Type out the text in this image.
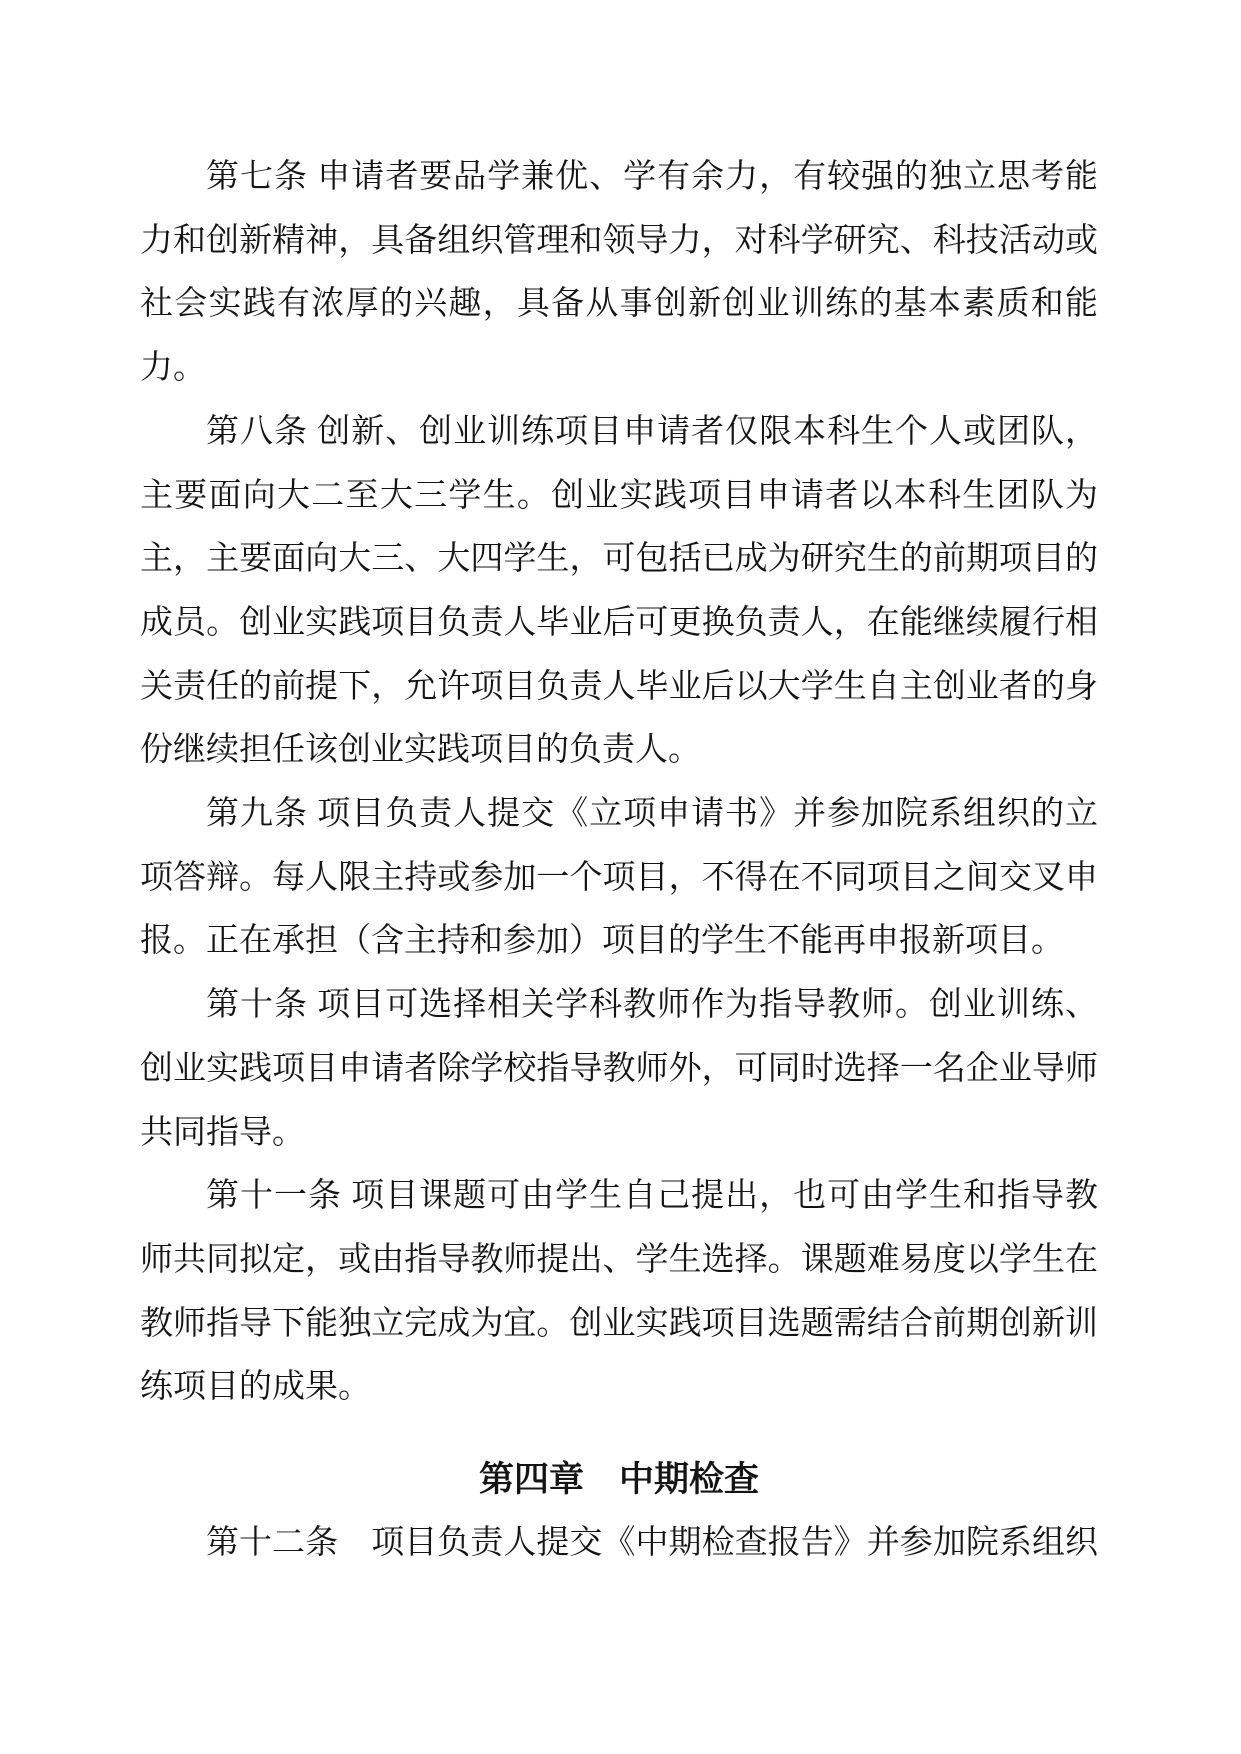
第七条 申请者要品学兼优、学有余力，有较强的独立思考能

力和创新精神，具备组织管理和领导力，对科学研究、科技活动或

社会实践有浓厚的兴趣，具备从事创新创业训练的基本素质和能

力。

第八条 创新、创业训练项目申请者仅限本科生个人或团队，

主要面向大二至大三学生。创业实践项目申请者以本科生团队为

主，主要面向大三、大四学生，可包括已成为研究生的前期项目的

成员。创业实践项目负责人毕业后可更换负责人，在能继续履行相

关责任的前提下，允许项目负责人毕业后以大学生自主创业者的身

份继续担任该创业实践项目的负责人。

第九条 项目负责人提交《立项申请书》并参加院系组织的立

项答辩。每人限主持或参加一个项目，不得在不同项目之间交叉申

报。正在承担（含主持和参加）项目的学生不能再申报新项目。

第十条 项目可选择相关学科教师作为指导教师。创业训练、

创业实践项目申请者除学校指导教师外，可同时选择一名企业导师

共同指导。

第十一条 项目课题可由学生自己提出，也可由学生和指导教

师共同拟定，或由指导教师提出、学生选择。课题难易度以学生在

教师指导下能独立完成为宜。创业实践项目选题需结合前期创新训

练项目的成果。

第四章　中期检查

第十二条　项目负责人提交《中期检查报告》并参加院系组织
